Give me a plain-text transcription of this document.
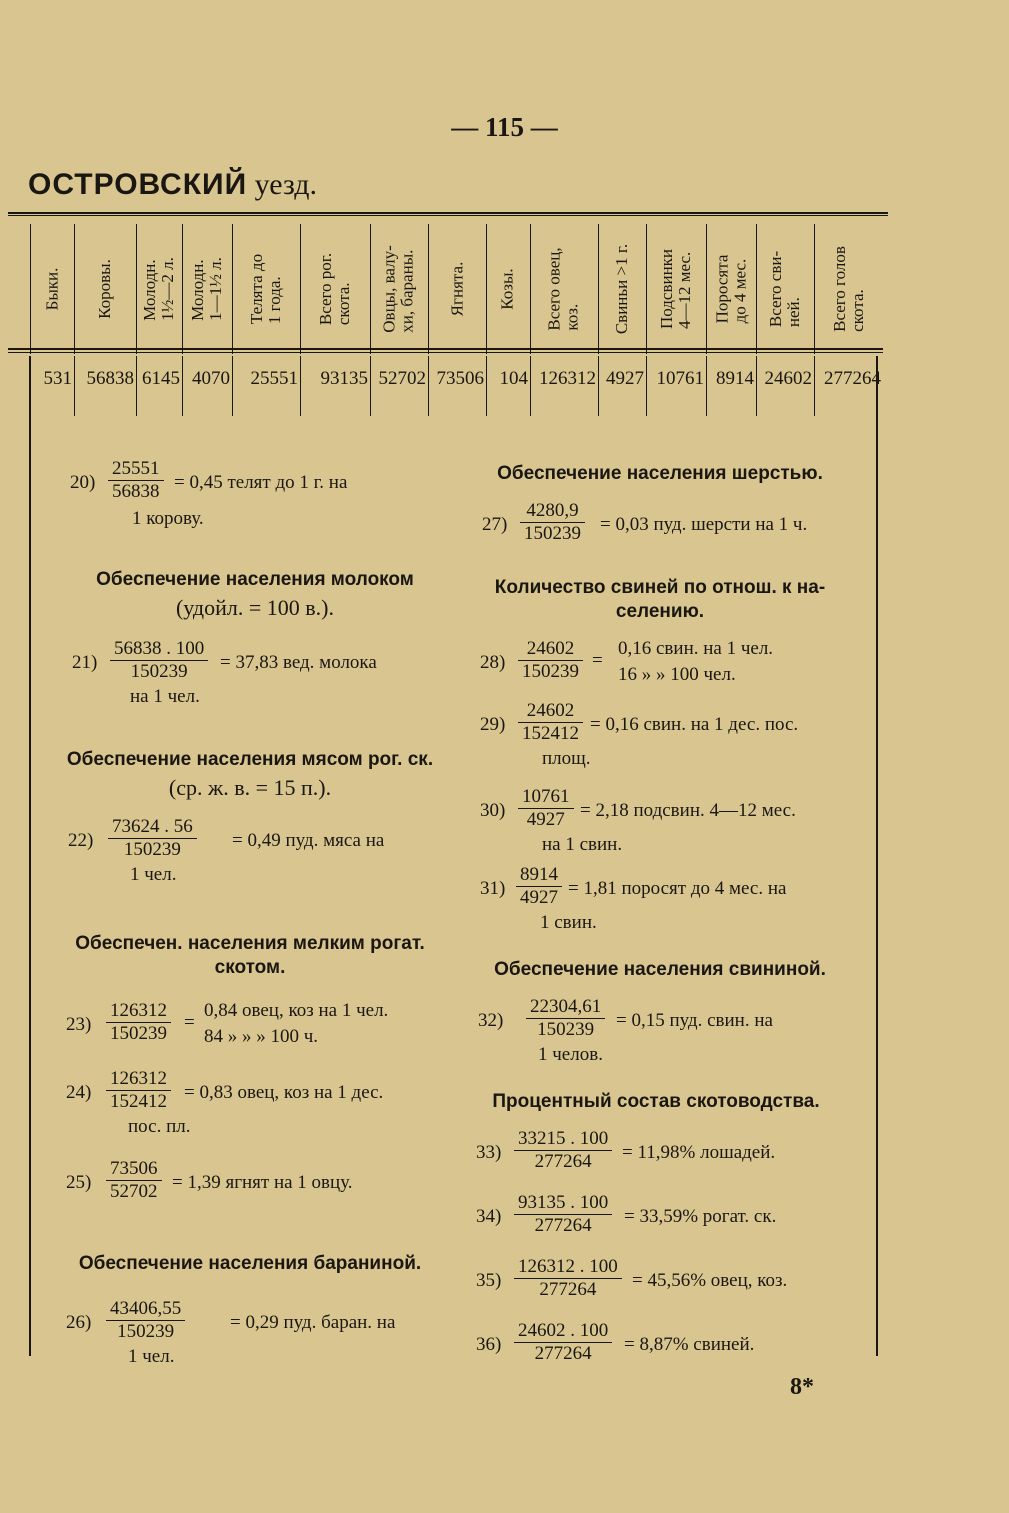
— 115 —
ОСТРОВСКИЙ уезд.
Быки.
531
Коровы.
56838
Молодн.
1½—2 л.
6145
Молодн.
1—1½ л.
4070
Телята до
1 года.
25551
Всего рог.
скота.
93135
Овцы, валу-
хи, бараны.
52702
Ягнята.
73506
Козы.
104
Всего овец,
коз.
126312
Свиньи >1 г.
4927
Подсвинки
4—12 мес.
10761
Поросята
до 4 мес.
8914
Всего сви-
ней.
24602
Всего голов
скота.
277264
$20) \frac{25551}{56838} = 0,45$ телят до 1 г. на
1 корову.
Обеспечение населения молоком
(удойл. = 100 в.).
$21) \frac{56838 . 100}{150239} = 37,83$ вед. молока
на 1 чел.
Обеспечение населения мясом рог. ск.
(ср. ж. в. = 15 п.).
$22) \frac{73624 . 56}{150239} = 0,49$ пуд. мяса на
1 чел.
Обеспечен. населения мелким рогат.
скотом.
$23) \frac{126312}{150239}$ =
0,84 овец, коз на 1 чел.
84 » » » 100 ч.
$24) \frac{126312}{152412} = 0,83$ овец, коз на 1 дес.
пос. пл.
$25) \frac{73506}{52702} = 1,39$ ягнят на 1 овцу.
Обеспечение населения бараниной.
$26) \frac{43406,55}{150239} = 0,29$ пуд. баран. на
1 чел.
Обеспечение населения шерстью.
$27) \frac{4280,9}{150239} = 0,03$ пуд. шерсти на 1 ч.
Количество свиней по отнош. к на-
селению.
$28) \frac{24602}{150239}$ =
0,16 свин. на 1 чел.
16 » » 100 чел.
$29) \frac{24602}{152412} = 0,16$ свин. на 1 дес. пос.
площ.
$30) \frac{10761}{4927} = 2,18$ подсвин. 4—12 мес.
на 1 свин.
$31) \frac{8914}{4927} = 1,81$ поросят до 4 мес. на
1 свин.
Обеспечение населения свининой.
$32) \frac{22304,61}{150239} = 0,15$ пуд. свин. на
1 челов.
Процентный состав скотоводства.
$33) \frac{33215 . 100}{277264} = 11,98\%$ лошадей.
$34) \frac{93135 . 100}{277264} = 33,59\%$ рогат. ск.
$35) \frac{126312 . 100}{277264} = 45,56\%$ овец, коз.
$36) \frac{24602 . 100}{277264} = 8,87\%$ свиней.
8*
